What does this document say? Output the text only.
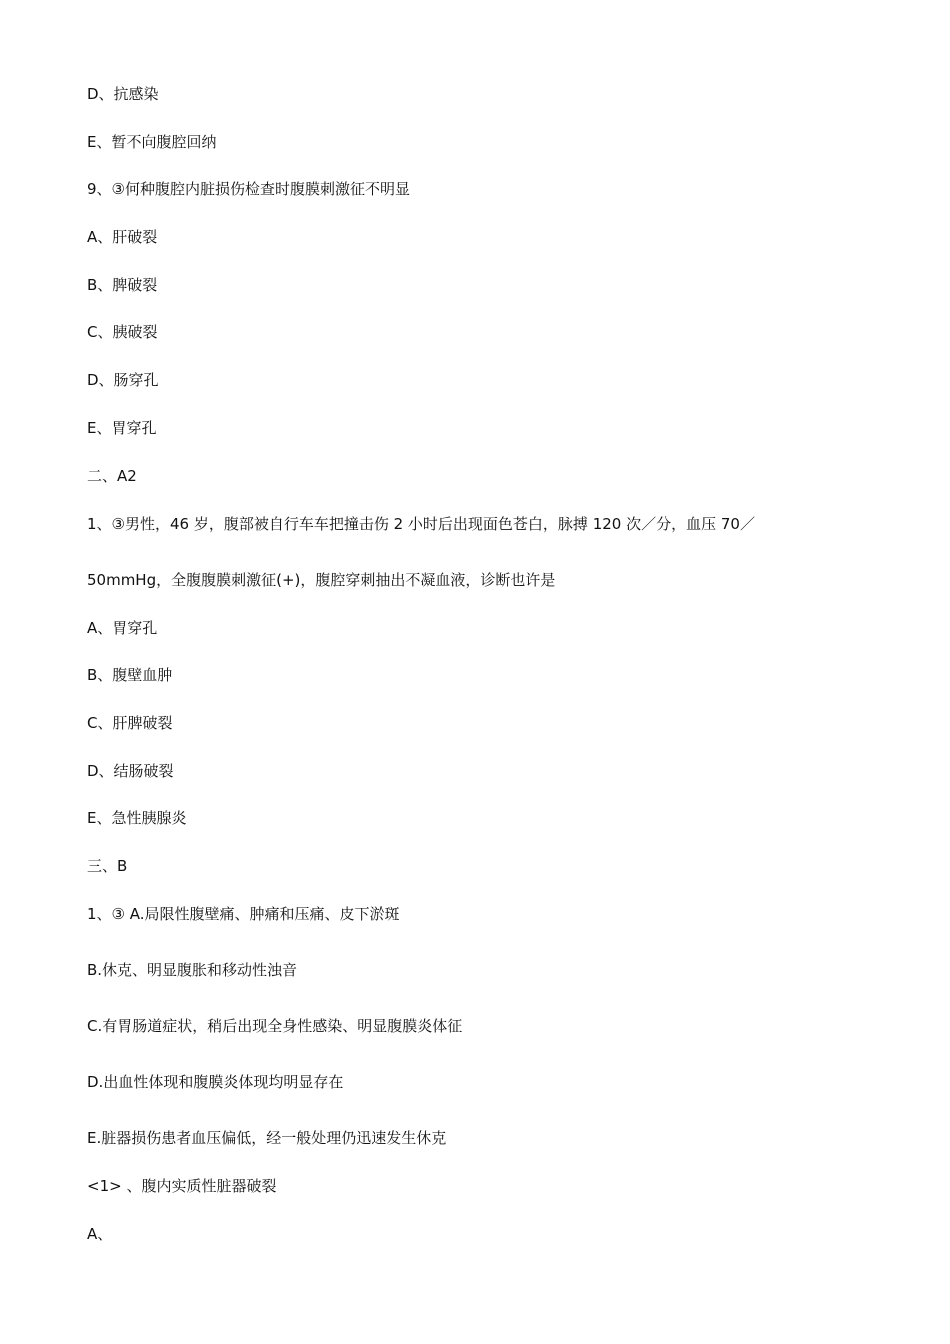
D、抗感染
E、暂不向腹腔回纳
9、③何种腹腔内脏损伤检查时腹膜刺激征不明显
A、肝破裂
B、脾破裂
C、胰破裂
D、肠穿孔
E、胃穿孔
二、A2
1、③男性，46 岁，腹部被自行车车把撞击伤 2 小时后出现面色苍白，脉搏 120 次／分，血压 70／
50mmHg，全腹腹膜刺激征(+)，腹腔穿刺抽出不凝血液，诊断也许是
A、胃穿孔
B、腹壁血肿
C、肝脾破裂
D、结肠破裂
E、急性胰腺炎
三、B
1、③ A.局限性腹壁痛、肿痛和压痛、皮下淤斑
B.休克、明显腹胀和移动性浊音
C.有胃肠道症状，稍后出现全身性感染、明显腹膜炎体征
D.出血性体现和腹膜炎体现均明显存在
E.脏器损伤患者血压偏低，经一般处理仍迅速发生休克
<1> 、腹内实质性脏器破裂
A、
